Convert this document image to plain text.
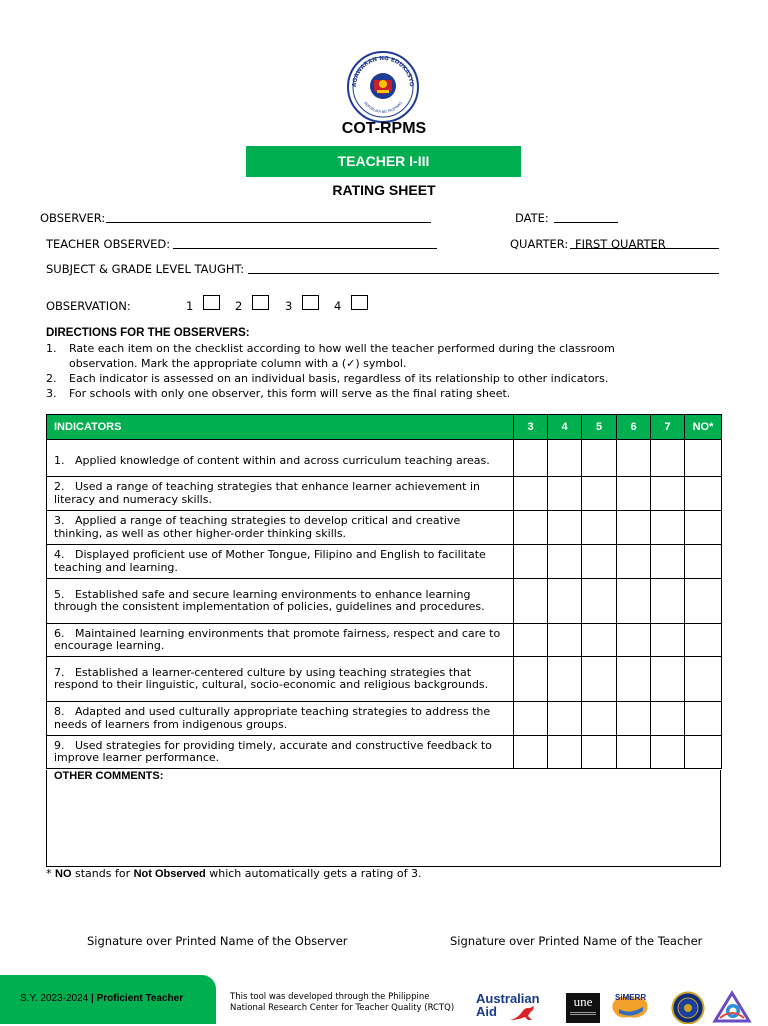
AGAWARAN NG EDUKASYO
REPUBLIKA NG PILIPINAS
COT-RPMS
TEACHER I-III
RATING SHEET
OBSERVER:	DATE:
TEACHER OBSERVED:	QUARTER: FIRST QUARTER
SUBJECT & GRADE LEVEL TAUGHT:
OBSERVATION:	1	2	3	4
DIRECTIONS FOR THE OBSERVERS:
1. Rate each item on the checklist according to how well the teacher performed during the classroom
observation. Mark the appropriate column with a (✓) symbol.
2. Each indicator is assessed on an individual basis, regardless of its relationship to other indicators.
3. For schools with only one observer, this form will serve as the final rating sheet.
INDICATORS	3	4	5	6	7	NO*
1.   Applied knowledge of content within and across curriculum teaching areas.						
2.   Used a range of teaching strategies that enhance learner achievement in literacy and numeracy skills.						
3.   Applied a range of teaching strategies to develop critical and creative thinking, as well as other higher-order thinking skills.						
4.   Displayed proficient use of Mother Tongue, Filipino and English to facilitate teaching and learning.						
5.   Established safe and secure learning environments to enhance learning through the consistent implementation of policies, guidelines and procedures.						
6.   Maintained learning environments that promote fairness, respect and care to encourage learning.						
7.   Established a learner-centered culture by using teaching strategies that respond to their linguistic, cultural, socio-economic and religious backgrounds.						
8.   Adapted and used culturally appropriate teaching strategies to address the needs of learners from indigenous groups.						
9.   Used strategies for providing timely, accurate and constructive feedback to improve learner performance.						
OTHER COMMENTS:
* NO stands for Not Observed which automatically gets a rating of 3.
Signature over Printed Name of the Observer	Signature over Printed Name of the Teacher
S.Y. 2023-2024 | Proficient Teacher	This tool was developed through the Philippine
National Research Center for Teacher Quality (RCTQ)
Australian
Aid
une	SiMERR
